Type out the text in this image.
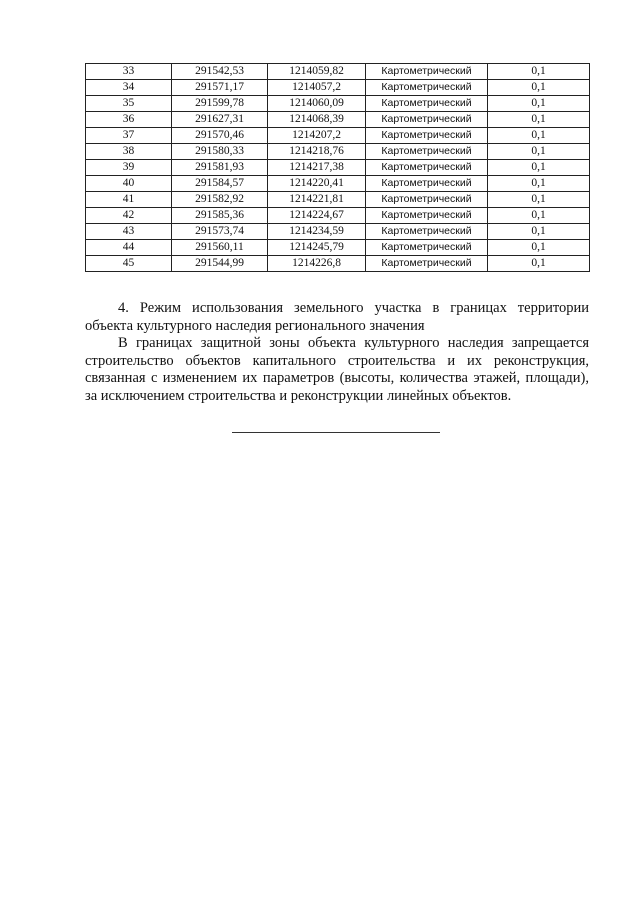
33	291542,53	1214059,82	Картометрический	0,1
34	291571,17	1214057,2	Картометрический	0,1
35	291599,78	1214060,09	Картометрический	0,1
36	291627,31	1214068,39	Картометрический	0,1
37	291570,46	1214207,2	Картометрический	0,1
38	291580,33	1214218,76	Картометрический	0,1
39	291581,93	1214217,38	Картометрический	0,1
40	291584,57	1214220,41	Картометрический	0,1
41	291582,92	1214221,81	Картометрический	0,1
42	291585,36	1214224,67	Картометрический	0,1
43	291573,74	1214234,59	Картометрический	0,1
44	291560,11	1214245,79	Картометрический	0,1
45	291544,99	1214226,8	Картометрический	0,1

4. Режим использования земельного участка в границах территории объекта культурного наследия регионального значения

В границах защитной зоны объекта культурного наследия запрещается строительство объектов капитального строительства и их реконструкция, связанная с изменением их параметров (высоты, количества этажей, площади), за исключением строительства и реконструкции линейных объектов.
